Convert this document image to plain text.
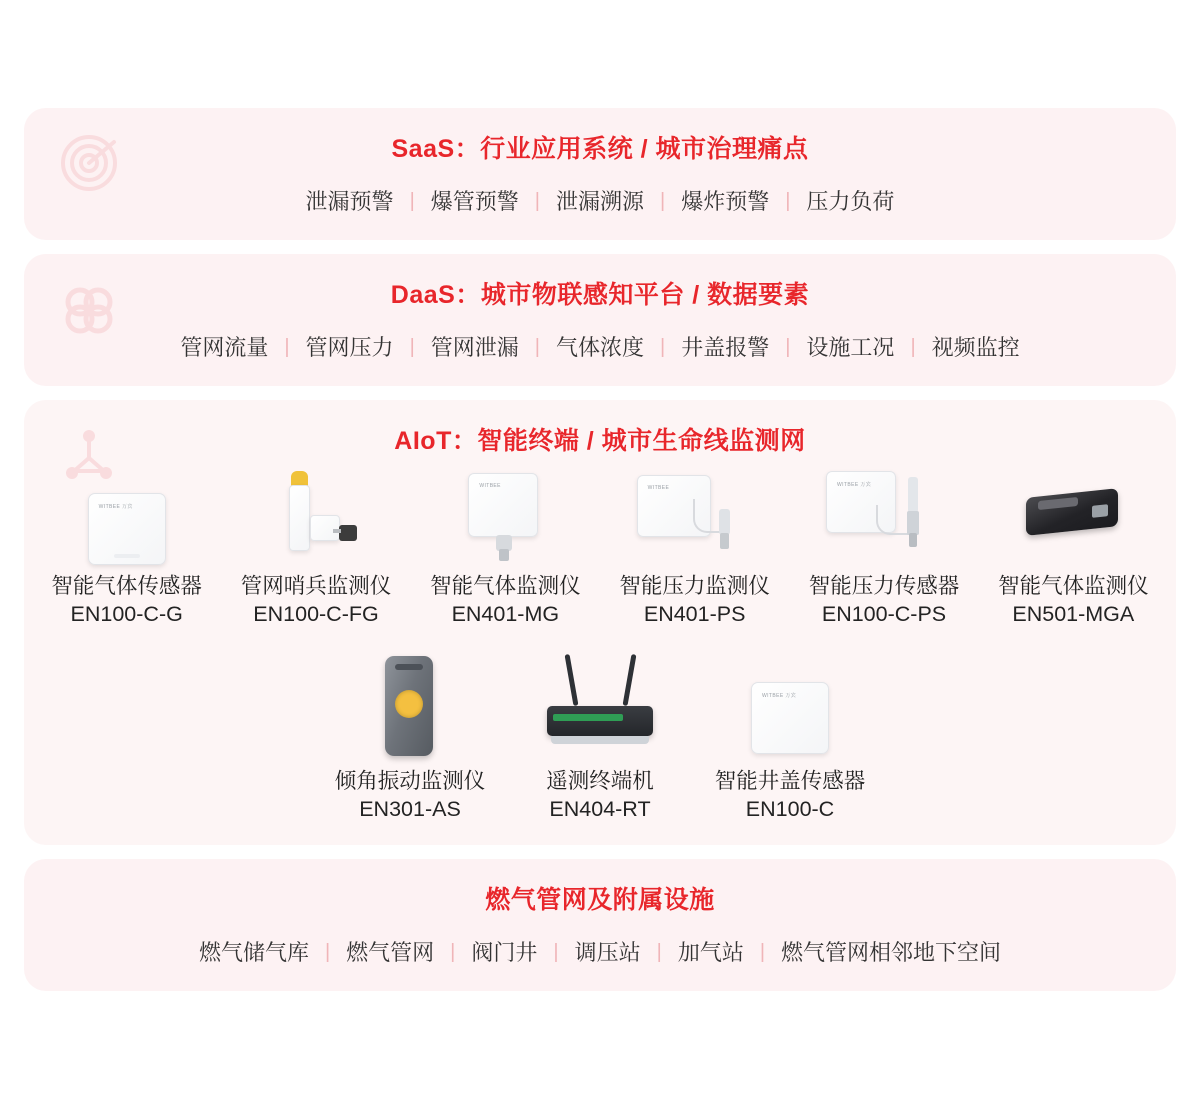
SaaS：行业应用系统 / 城市治理痛点
泄漏预警 | 爆管预警 | 泄漏溯源 | 爆炸预警 | 压力负荷
DaaS：城市物联感知平台 / 数据要素
管网流量 | 管网压力 | 管网泄漏 | 气体浓度 | 井盖报警 | 设施工况 | 视频监控
AIoT：智能终端 / 城市生命线监测网
WITBEE 万宾
智能气体传感器
EN100-C-G
管网哨兵监测仪
EN100-C-FG
WITBEE
智能气体监测仪
EN401-MG
WITBEE
智能压力监测仪
EN401-PS
WITBEE 万宾
智能压力传感器
EN100-C-PS
智能气体监测仪
EN501-MGA
倾角振动监测仪
EN301-AS
遥测终端机
EN404-RT
WITBEE 万宾
智能井盖传感器
EN100-C
燃气管网及附属设施
燃气储气库 | 燃气管网 | 阀门井 | 调压站 | 加气站 | 燃气管网相邻地下空间
